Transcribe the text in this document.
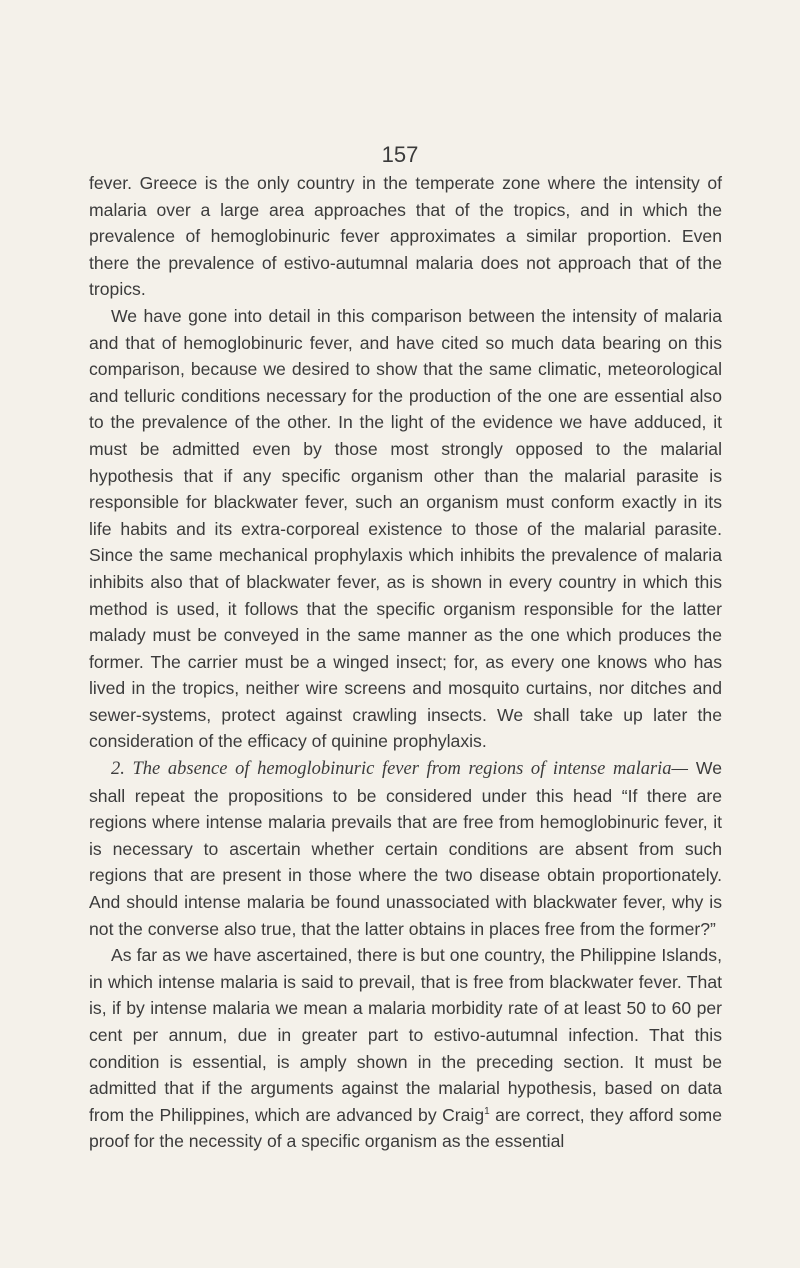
157

fever. Greece is the only country in the temperate zone where the intensity of malaria over a large area approaches that of the tropics, and in which the prevalence of hemoglobinuric fever approximates a similar proportion. Even there the prevalence of estivo-autumnal malaria does not approach that of the tropics.

We have gone into detail in this comparison between the intensity of malaria and that of hemoglobinuric fever, and have cited so much data bearing on this comparison, because we desired to show that the same climatic, meteorological and telluric conditions necessary for the production of the one are essential also to the prevalence of the other. In the light of the evidence we have adduced, it must be admitted even by those most strongly opposed to the malarial hypothesis that if any specific organism other than the malarial parasite is responsible for blackwater fever, such an organism must conform exactly in its life habits and its extra-corporeal existence to those of the malarial parasite. Since the same mechanical prophylaxis which inhibits the prevalence of malaria inhibits also that of blackwater fever, as is shown in every country in which this method is used, it follows that the specific organism responsible for the latter malady must be conveyed in the same manner as the one which produces the former. The carrier must be a winged insect; for, as every one knows who has lived in the tropics, neither wire screens and mosquito curtains, nor ditches and sewer-systems, protect against crawling insects. We shall take up later the consideration of the efficacy of quinine prophylaxis.

2. The absence of hemoglobinuric fever from regions of intense malaria— We shall repeat the propositions to be considered under this head “If there are regions where intense malaria prevails that are free from hemoglobinuric fever, it is necessary to ascertain whether certain conditions are absent from such regions that are present in those where the two disease obtain proportionately. And should intense malaria be found unassociated with blackwater fever, why is not the converse also true, that the latter obtains in places free from the former?”

As far as we have ascertained, there is but one country, the Philippine Islands, in which intense malaria is said to prevail, that is free from blackwater fever. That is, if by intense malaria we mean a malaria morbidity rate of at least 50 to 60 per cent per annum, due in greater part to estivo-autumnal infection. That this condition is essential, is amply shown in the preceding section. It must be admitted that if the arguments against the malarial hypothesis, based on data from the Philippines, which are advanced by Craig$^1$ are correct, they afford some proof for the necessity of a specific organism as the essential
